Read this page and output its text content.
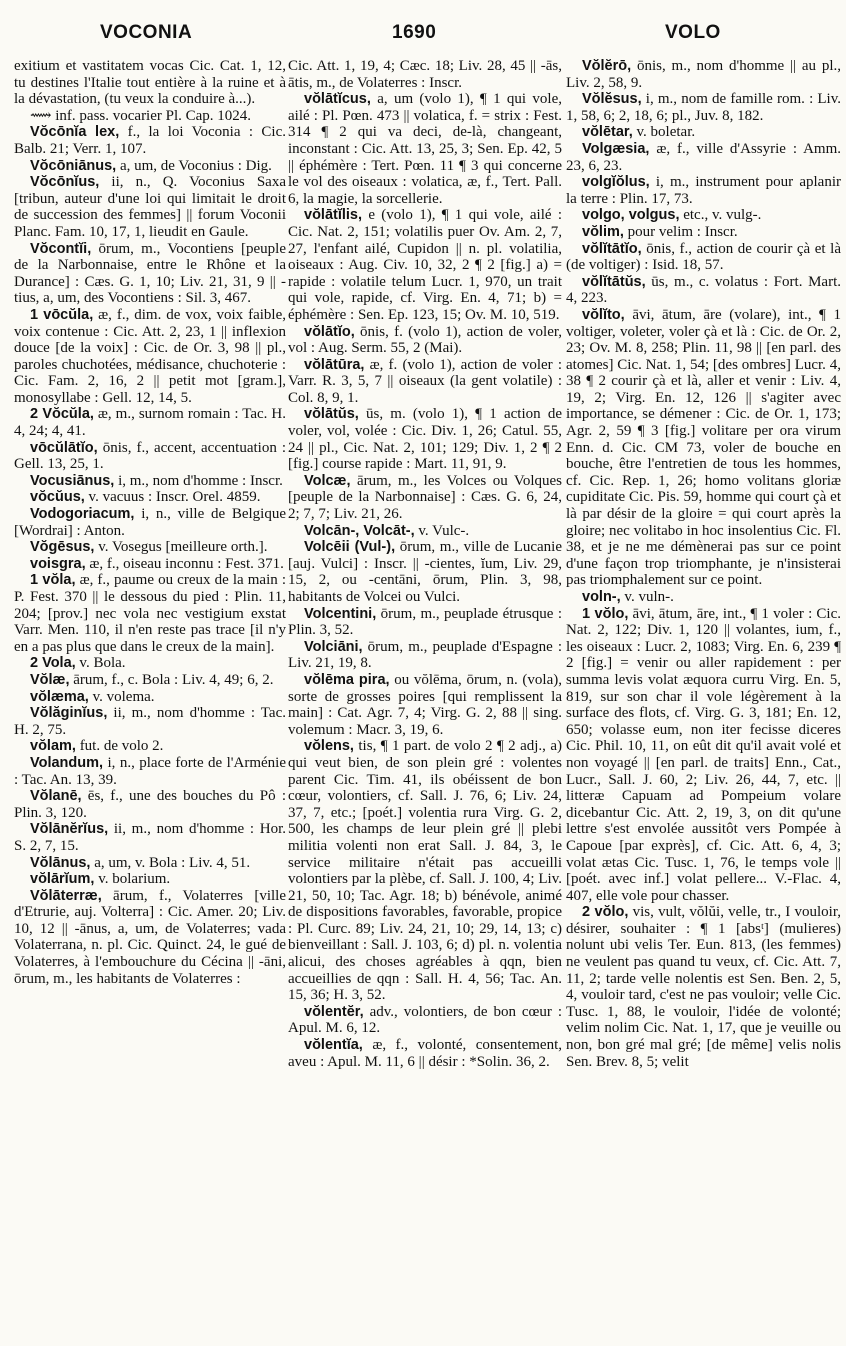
VOCONIA	1690	VOLO

exitium et vastitatem vocas Cic. Cat. 1, 12, tu destines l'Italie tout entière à la ruine et à la dévastation, (tu veux la conduire à...).

⟿ inf. pass. vocarier Pl. Cap. 1024.

Vŏcōnĭa lex, f., la loi Voconia : Cic. Balb. 21; Verr. 1, 107.

Vŏcōniānus, a, um, de Voconius : Dig.

Vŏcōnĭus, ii, n., Q. Voconius Saxa [tribun, auteur d'une loi qui limitait le droit de succession des femmes] || forum Voconii Planc. Fam. 10, 17, 1, lieudit en Gaule.

Vŏcontĭi, ōrum, m., Vocontiens [peuple de la Narbonnaise, entre le Rhône et la Durance] : Cæs. G. 1, 10; Liv. 21, 31, 9 || -tius, a, um, des Vocontiens : Sil. 3, 467.

1 vōcŭla, æ, f., dim. de vox, voix faible, voix contenue : Cic. Att. 2, 23, 1 || inflexion douce [de la voix] : Cic. de Or. 3, 98 || pl., paroles chuchotées, médisance, chuchoterie : Cic. Fam. 2, 16, 2 || petit mot [gram.], monosyllabe : Gell. 12, 14, 5.

2 Vŏcŭla, æ, m., surnom romain : Tac. H. 4, 24; 4, 41.

vōcŭlātĭo, ōnis, f., accent, accentuation : Gell. 13, 25, 1.

Vocusiānus, i, m., nom d'homme : Inscr.

vŏcŭus, v. vacuus : Inscr. Orel. 4859.

Vodogoriacum, i, n., ville de Belgique [Wordrai] : Anton.

Vŏgēsus, v. Vosegus [meilleure orth.].

voisgra, æ, f., oiseau inconnu : Fest. 371.

1 vŏla, æ, f., paume ou creux de la main : P. Fest. 370 || le dessous du pied : Plin. 11, 204; [prov.] nec vola nec vestigium exstat Varr. Men. 110, il n'en reste pas trace [il n'y en a pas plus que dans le creux de la main].

2 Vola, v. Bola.

Vŏlæ, ārum, f., c. Bola : Liv. 4, 49; 6, 2.

vŏlæma, v. volema.

Vŏlăginĭus, ii, m., nom d'homme : Tac. H. 2, 75.

vŏlam, fut. de volo 2.

Volandum, i, n., place forte de l'Arménie : Tac. An. 13, 39.

Vŏlanē, ēs, f., une des bouches du Pô : Plin. 3, 120.

Vŏlānĕrĭus, ii, m., nom d'homme : Hor. S. 2, 7, 15.

Vŏlānus, a, um, v. Bola : Liv. 4, 51.

vŏlārĭum, v. bolarium.

Vŏlāterræ, ārum, f., Volaterres [ville d'Etrurie, auj. Volterra] : Cic. Amer. 20; Liv. 10, 12 || -ānus, a, um, de Volaterres; vada Volaterrana, n. pl. Cic. Quinct. 24, le gué de Volaterres, à l'embouchure du Cécina || -āni, ōrum, m., les habitants de Volaterres :

Cic. Att. 1, 19, 4; Cæc. 18; Liv. 28, 45 || -ās, ātis, m., de Volaterres : Inscr.

vŏlātĭcus, a, um (volo 1), ¶ 1 qui vole, ailé : Pl. Pœn. 473 || volatica, f. = strix : Fest. 314 ¶ 2 qui va deci, de-là, changeant, inconstant : Cic. Att. 13, 25, 3; Sen. Ep. 42, 5 || éphémère : Tert. Pœn. 11 ¶ 3 qui concerne le vol des oiseaux : volatica, æ, f., Tert. Pall. 6, la magie, la sorcellerie.

vŏlātĭlis, e (volo 1), ¶ 1 qui vole, ailé : Cic. Nat. 2, 151; volatilis puer Ov. Am. 2, 7, 27, l'enfant ailé, Cupidon || n. pl. volatilia, oiseaux : Aug. Civ. 10, 32, 2 ¶ 2 [fig.] a) = rapide : volatile telum Lucr. 1, 970, un trait qui vole, rapide, cf. Virg. En. 4, 71; b) = éphémère : Sen. Ep. 123, 15; Ov. M. 10, 519.

vŏlātĭo, ōnis, f. (volo 1), action de voler, vol : Aug. Serm. 55, 2 (Mai).

vŏlātūra, æ, f. (volo 1), action de voler : Varr. R. 3, 5, 7 || oiseaux (la gent volatile) : Col. 8, 9, 1.

vŏlātŭs, ūs, m. (volo 1), ¶ 1 action de voler, vol, volée : Cic. Div. 1, 26; Catul. 55, 24 || pl., Cic. Nat. 2, 101; 129; Div. 1, 2 ¶ 2 [fig.] course rapide : Mart. 11, 91, 9.

Volcæ, ārum, m., les Volces ou Volques [peuple de la Narbonnaise] : Cæs. G. 6, 24, 2; 7, 7; Liv. 21, 26.

Volcān-, Volcāt-, v. Vulc-.

Volcēii (Vul-), ōrum, m., ville de Lucanie [auj. Vulci] : Inscr. || -cientes, ĭum, Liv. 29, 15, 2, ou -centāni, ōrum, Plin. 3, 98, habitants de Volcei ou Vulci.

Volcentini, ōrum, m., peuplade étrusque : Plin. 3, 52.

Volciāni, ōrum, m., peuplade d'Espagne : Liv. 21, 19, 8.

vŏlēma pira, ou vŏlēma, ōrum, n. (vola), sorte de grosses poires [qui remplissent la main] : Cat. Agr. 7, 4; Virg. G. 2, 88 || sing. volemum : Macr. 3, 19, 6.

vŏlens, tis, ¶ 1 part. de volo 2 ¶ 2 adj., a) qui veut bien, de son plein gré : volentes parent Cic. Tim. 41, ils obéissent de bon cœur, volontiers, cf. Sall. J. 76, 6; Liv. 24, 37, 7, etc.; [poét.] volentia rura Virg. G. 2, 500, les champs de leur plein gré || plebi militia volenti non erat Sall. J. 84, 3, le service militaire n'était pas accueilli volontiers par la plèbe, cf. Sall. J. 100, 4; Liv. 21, 50, 10; Tac. Agr. 18; b) bénévole, animé de dispositions favorables, favorable, propice : Pl. Curc. 89; Liv. 24, 21, 10; 29, 14, 13; c) bienveillant : Sall. J. 103, 6; d) pl. n. volentia alicui, des choses agréables à qqn, bien accueillies de qqn : Sall. H. 4, 56; Tac. An. 15, 36; H. 3, 52.

vŏlentĕr, adv., volontiers, de bon cœur : Apul. M. 6, 12.

vŏlentĭa, æ, f., volonté, consentement, aveu : Apul. M. 11, 6 || désir : *Solin. 36, 2.

Vŏlĕrō, ōnis, m., nom d'homme || au pl., Liv. 2, 58, 9.

Vŏlĕsus, i, m., nom de famille rom. : Liv. 1, 58, 6; 2, 18, 6; pl., Juv. 8, 182.

vŏlētar, v. boletar.

Volgæsia, æ, f., ville d'Assyrie : Amm. 23, 6, 23.

volgĭŏlus, i, m., instrument pour aplanir la terre : Plin. 17, 73.

volgo, volgus, etc., v. vulg-.

vŏlim, pour velim : Inscr.

vŏlĭtātĭo, ōnis, f., action de courir çà et là (de voltiger) : Isid. 18, 57.

vŏlĭtātŭs, ūs, m., c. volatus : Fort. Mart. 4, 223.

vŏlĭto, āvi, ātum, āre (volare), int., ¶ 1 voltiger, voleter, voler çà et là : Cic. de Or. 2, 23; Ov. M. 8, 258; Plin. 11, 98 || [en parl. des atomes] Cic. Nat. 1, 54; [des ombres] Lucr. 4, 38 ¶ 2 courir çà et là, aller et venir : Liv. 4, 19, 2; Virg. En. 12, 126 || s'agiter avec importance, se démener : Cic. de Or. 1, 173; Agr. 2, 59 ¶ 3 [fig.] volitare per ora virum Enn. d. Cic. CM 73, voler de bouche en bouche, être l'entretien de tous les hommes, cf. Cic. Rep. 1, 26; homo volitans gloriæ cupiditate Cic. Pis. 59, homme qui court çà et là par désir de la gloire = qui court après la gloire; nec volitabo in hoc insolentius Cic. Fl. 38, et je ne me démènerai pas sur ce point d'une façon trop triomphante, je n'insisterai pas triomphalement sur ce point.

voln-, v. vuln-.

1 vŏlo, āvi, ātum, āre, int., ¶ 1 voler : Cic. Nat. 2, 122; Div. 1, 120 || volantes, ium, f., les oiseaux : Lucr. 2, 1083; Virg. En. 6, 239 ¶ 2 [fig.] = venir ou aller rapidement : per summa levis volat æquora curru Virg. En. 5, 819, sur son char il vole légèrement à la surface des flots, cf. Virg. G. 3, 181; En. 12, 650; volasse eum, non iter fecisse diceres Cic. Phil. 10, 11, on eût dit qu'il avait volé et non voyagé || [en parl. de traits] Enn., Cat., Lucr., Sall. J. 60, 2; Liv. 26, 44, 7, etc. || litteræ Capuam ad Pompeium volare dicebantur Cic. Att. 2, 19, 3, on dit qu'une lettre s'est envolée aussitôt vers Pompée à Capoue [par exprès], cf. Cic. Att. 6, 4, 3; volat ætas Cic. Tusc. 1, 76, le temps vole || [poét. avec inf.] volat pellere... V.-Flac. 4, 407, elle vole pour chasser.

2 vŏlo, vis, vult, vŏlŭi, velle, tr., I vouloir, désirer, souhaiter : ¶ 1 [absᵗ] (mulieres) nolunt ubi velis Ter. Eun. 813, (les femmes) ne veulent pas quand tu veux, cf. Cic. Att. 7, 11, 2; tarde velle nolentis est Sen. Ben. 2, 5, 4, vouloir tard, c'est ne pas vouloir; velle Cic. Tusc. 1, 88, le vouloir, l'idée de volonté; velim nolim Cic. Nat. 1, 17, que je veuille ou non, bon gré mal gré; [de même] velis nolis Sen. Brev. 8, 5; velit
